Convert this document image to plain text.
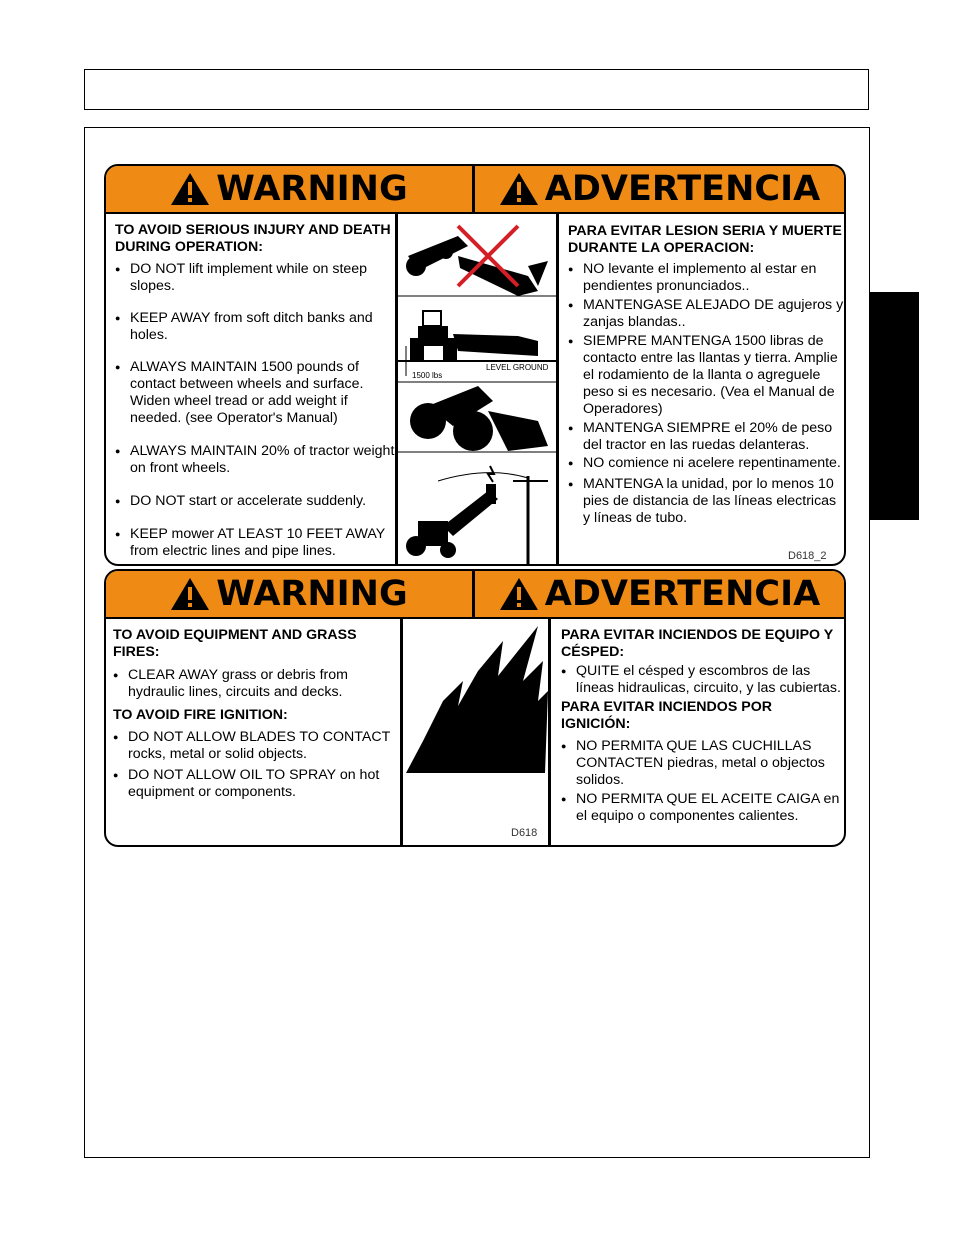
WARNING	ADVERTENCIA

TO AVOID SERIOUS INJURY AND DEATH DURING OPERATION:

● DO NOT lift implement while on steep slopes.
● KEEP AWAY from soft ditch banks and holes.
● ALWAYS MAINTAIN 1500 pounds of contact between wheels and surface. Widen wheel tread or add weight if needed. (see Operator's Manual)
● ALWAYS MAINTAIN 20% of tractor weight on front wheels.
● DO NOT start or accelerate suddenly.
● KEEP mower AT LEAST 10 FEET AWAY from electric lines and pipe lines.
1500 lbs
LEVEL GROUND

PARA EVITAR LESION SERIA Y MUERTE DURANTE LA OPERACION:

● NO levante el implemento al estar en pendientes pronunciados..
● MANTENGASE ALEJADO DE agujeros y zanjas blandas..
● SIEMPRE MANTENGA 1500 libras de contacto entre las llantas y tierra. Amplie el rodamiento de la llanta o agreguele peso si es necesario. (Vea el Manual de Operadores)
● MANTENGA SIEMPRE el 20% de peso del tractor en las ruedas delanteras.
● NO comience ni acelere repentinamente.
● MANTENGA la unidad, por lo menos 10 pies de distancia de las líneas electricas y líneas de tubo.
D618_2
WARNING	ADVERTENCIA

TO AVOID EQUIPMENT AND GRASS FIRES:

● CLEAR AWAY grass or debris from hydraulic lines, circuits and decks.

TO AVOID FIRE IGNITION:

● DO NOT ALLOW BLADES TO CONTACT rocks, metal or solid objects.
● DO NOT ALLOW OIL TO SPRAY on hot equipment or components.

PARA EVITAR INCIENDOS DE EQUIPO Y CÉSPED:

● QUITE el césped y escombros de las líneas hidraulicas, circuito, y las cubiertas.

PARA EVITAR INCIENDOS POR IGNICIÓN:

● NO PERMITA QUE LAS CUCHILLAS CONTACTEN piedras, metal o objectos solidos.
● NO PERMITA QUE EL ACEITE CAIGA en el equipo o componentes calientes.
D618
